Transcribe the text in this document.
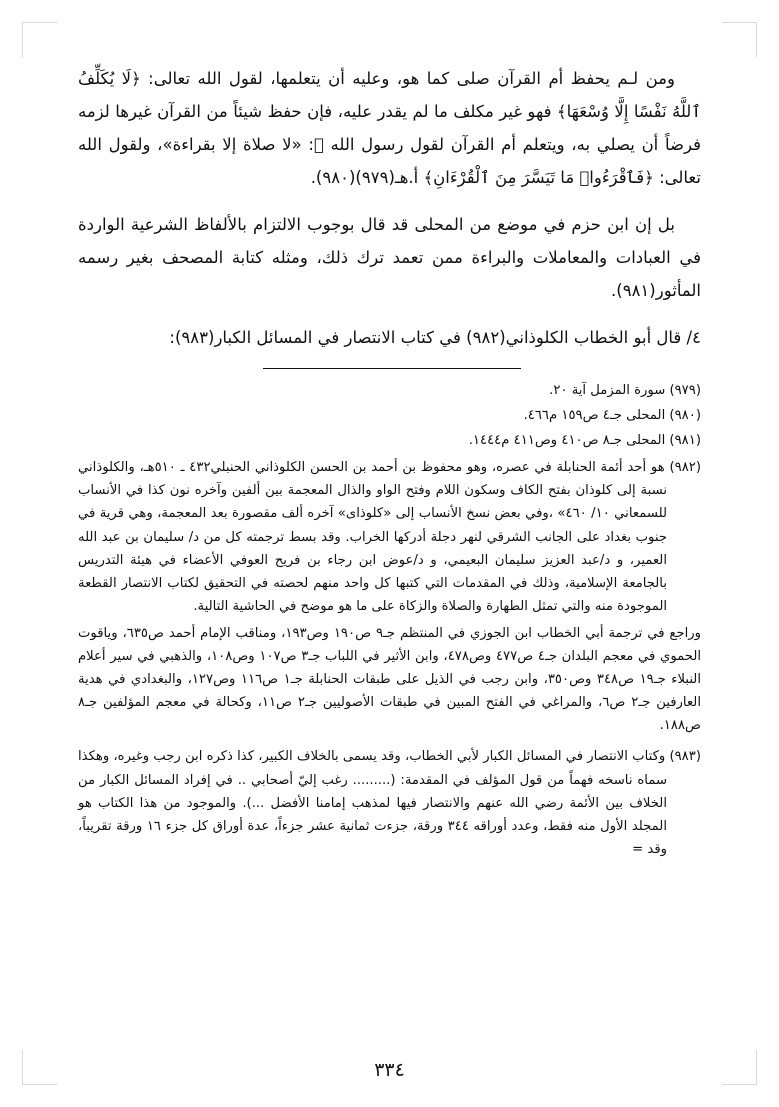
ومن لـم يحفظ أم القرآن صلى كما هو، وعليه أن يتعلمها، لقول الله تعالى: ﴿لَا يُكَلِّفُ ٱللَّهُ نَفْسًا إِلَّا وُسْعَهَا﴾ فهو غير مكلف ما لم يقدر عليه، فإن حفظ شيئاً من القرآن غيرها لزمه فرضاً أن يصلي به، ويتعلم أم القرآن لقول رسول الله ﷺ: «لا صلاة إلا بقراءة»، ولقول الله تعالى: ﴿فَٱقْرَءُوا۟ مَا تَيَسَّرَ مِنَ ٱلْقُرْءَانِ﴾ أ.هـ(٩٧٩)(٩٨٠).

بل إن ابن حزم في موضع من المحلى قد قال بوجوب الالتزام بالألفاظ الشرعية الواردة في العبادات والمعاملات والبراءة ممن تعمد ترك ذلك، ومثله كتابة المصحف بغير رسمه المأثور(٩٨١).

٤/ قال أبو الخطاب الكلوذاني(٩٨٢) في كتاب الانتصار في المسائل الكبار(٩٨٣):

(٩٧٩) سورة المزمل آية ٢٠.

(٩٨٠) المحلى جـ٤ ص١٥٩ م٤٦٦.

(٩٨١) المحلى جـ٨ ص٤١٠ وص٤١١ م١٤٤٤.

(٩٨٢) هو أحد أئمة الحنابلة في عصره، وهو محفوظ بن أحمد بن الحسن الكلوذاني الحنبلي٤٣٢ ـ ٥١٠هـ، والكلوذاني نسبة إلى كلوذان بفتح الكاف وسكون اللام وفتح الواو والذال المعجمة بين ألفين وآخره نون كذا في الأنساب للسمعاني ١٠/ ٤٦٠» ،وفي بعض نسخ الأنساب إلى «كلوذاى» آخره ألف مقصورة بعد المعجمة، وهي قرية في جنوب بغداد على الجانب الشرقي لنهر دجلة أدركها الخراب. وقد بسط ترجمته كل من د/ سليمان بن عبد الله العمير، و د/عبد العزيز سليمان البعيمي، و د/عوض ابن رجاء بن فريح العوفي الأعضاء في هيئة التدريس بالجامعة الإسلامية، وذلك في المقدمات التي كتبها كل واحد منهم لحصته في التحقيق لكتاب الانتصار القطعة الموجودة منه والتي تمثل الطهارة والصلاة والزكاة على ما هو موضح في الحاشية التالية.

وراجع في ترجمة أبي الخطاب ابن الجوزي في المنتظم جـ٩ ص١٩٠ وص١٩٣، ومناقب الإمام أحمد ص٦٣٥، وياقوت الحموي في معجم البلدان جـ٤ ص٤٧٧ وص٤٧٨، وابن الأثير في اللباب جـ٣ ص١٠٧ وص١٠٨، والذهبي في سير أعلام النبلاء جـ١٩ ص٣٤٨ وص٣٥٠، وابن رجب في الذيل على طبقات الحنابلة جـ١ ص١١٦ وص١٢٧، والبغدادي في هدية العارفين جـ٢ ص٦، والمراغي في الفتح المبين في طبقات الأصوليين جـ٢ ص١١، وكحالة في معجم المؤلفين جـ٨ ص١٨٨.

(٩٨٣) وكتاب الانتصار في المسائل الكبار لأبي الخطاب، وقد يسمى بالخلاف الكبير، كذا ذكره ابن رجب وغيره، وهكذا سماه ناسخه فهماً من قول المؤلف في المقدمة: (......... رغب إليّ أصحابي .. في إفراد المسائل الكبار من الخلاف بين الأئمة رضي الله عنهم والانتصار فيها لمذهب إمامنا الأفضل ...). والموجود من هذا الكتاب هو المجلد الأول منه فقط، وعدد أوراقه ٣٤٤ ورقة، جزءت ثمانية عشر جزءاً، عدة أوراق كل جزء ١٦ ورقة تقريباً، وقد =

٣٣٤
